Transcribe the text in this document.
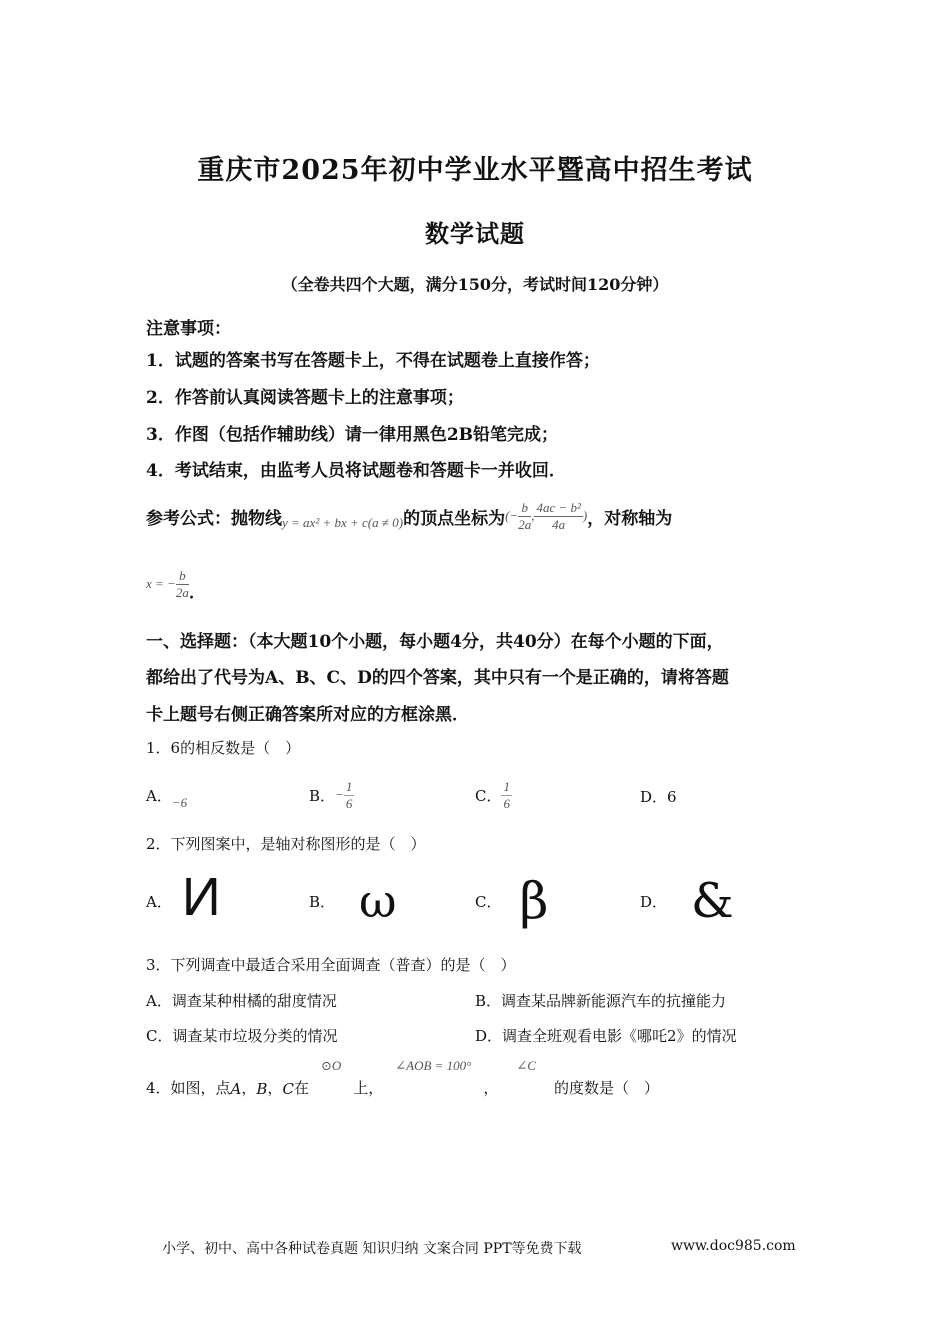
重庆市2025年初中学业水平暨高中招生考试
数学试题
（全卷共四个大题，满分150分，考试时间120分钟）
注意事项：
1．试题的答案书写在答题卡上，不得在试题卷上直接作答；
2．作答前认真阅读答题卡上的注意事项；
3．作图（包括作辅助线）请一律用黑色2B铅笔完成；
4．考试结束，由监考人员将试题卷和答题卡一并收回．
参考公式：抛物线 y = ax² + bx + c(a ≠ 0) 的顶点坐标为 (− $\frac{b}{2a}$ , $\frac{\text{4ac − b²}}{4a}$ ) ，对称轴为
x = − $\frac{b}{2a}$ ．
一、选择题：（本大题10个小题，每小题4分，共40分）在每个小题的下面，
都给出了代号为A、B、C、D的四个答案，其中只有一个是正确的，请将答题
卡上题号右侧正确答案所对应的方框涂黑．
1．6的相反数是（　）
A． −6	B． − $\frac{1}{6}$	C． $\frac{1}{6}$	D．6
2．下列图案中，是轴对称图形的是（　）
A． И	B． ω	C． β	D． &
3．下列调查中最适合采用全面调查（普查）的是（　）
A．调查某种柑橘的甜度情况	B．调查某品牌新能源汽车的抗撞能力
C．调查某市垃圾分类的情况	D．调查全班观看电影《哪吒2》的情况
4．如图，点 A ， B ， C 在
⊙O
上，
∠AOB = 100°
，
∠C
的度数是（　）
小学、初中、高中各种试卷真题 知识归纳 文案合同 PPT等免费下载	www.doc985.com
